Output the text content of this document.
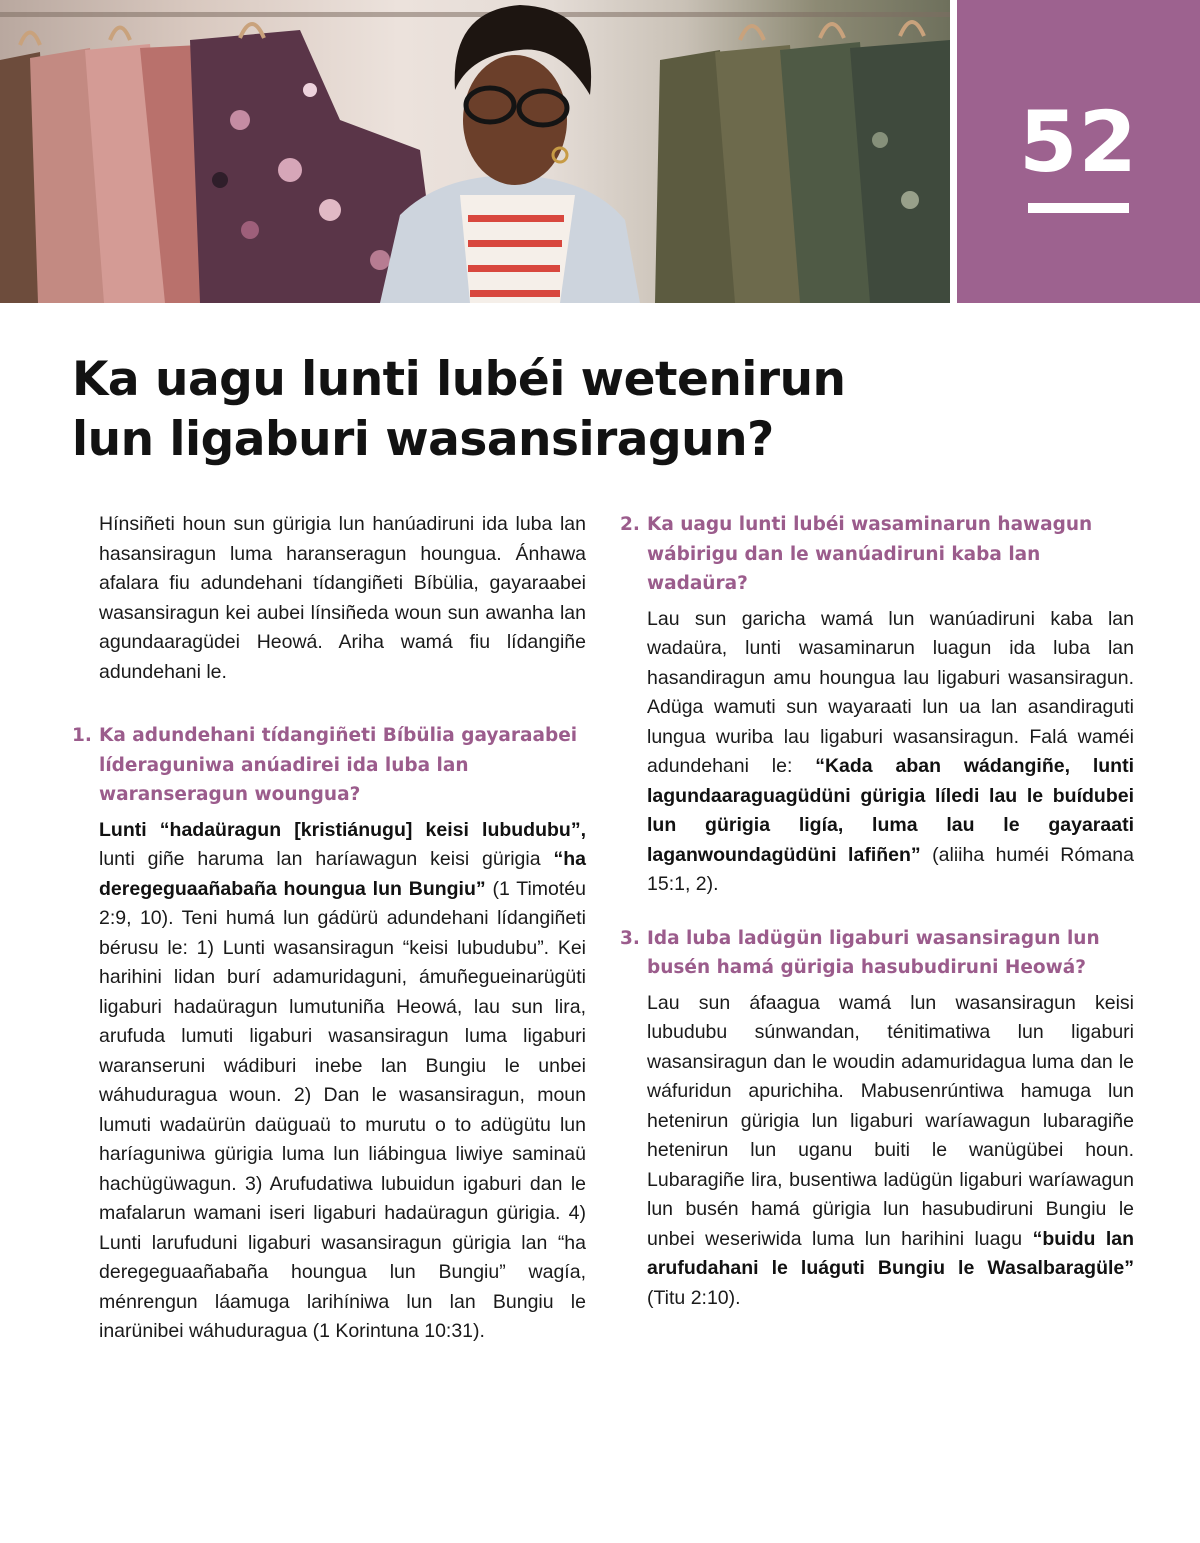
52
Ka uagu lunti lubéi wetenirun
lun ligaburi wasansiragun?

Hínsiñeti houn sun gürigia lun hanúadiruni ida luba lan hasansiragun luma haranseragun houngua. Ánhawa afalara fiu adundehani tídangiñeti Bíbülia, gayaraabei wasansiragun kei aubei línsiñeda woun sun awanha lan agundaaragüdei Heowá. Ariha wamá fiu lídangiñe adundehani le.

1. Ka adundehani tídangiñeti Bíbülia gayaraabei líderaguniwa anúadirei ida luba lan waranseragun woungua?

Lunti “hadaüragun [kristiánugu] keisi lubudubu”, lunti giñe haruma lan haríawagun keisi gürigia “ha deregeguaañabaña houngua lun Bungiu” (1 Timotéu 2:9, 10). Teni humá lun gádürü adundehani lídangiñeti bérusu le: 1) Lunti wasansiragun “keisi lubudubu”. Kei harihini lidan burí adamuridaguni, ámuñegueinarügüti ligaburi hadaüragun lumutuniña Heowá, lau sun lira, arufuda lumuti ligaburi wasansiragun luma ligaburi waranseruni wádiburi inebe lan Bungiu le unbei wáhuduragua woun. 2) Dan le wasansiragun, moun lumuti wadaürün daüguaü to murutu o to adügütu lun haríaguniwa gürigia luma lun liábingua liwiye saminaü hachügüwagun. 3) Arufudatiwa lubuidun igaburi dan le mafalarun wamani iseri ligaburi hadaüragun gürigia. 4) Lunti larufuduni ligaburi wasansiragun gürigia lan “ha deregeguaañabaña houngua lun Bungiu” wagía, ménrengun láamuga larihíniwa lun lan Bungiu le inarünibei wáhuduragua (1 Korintuna 10:31).

2. Ka uagu lunti lubéi wasaminarun hawagun wábirigu dan le wanúadiruni kaba lan wadaüra?

Lau sun garicha wamá lun wanúadiruni kaba lan wadaüra, lunti wasaminarun luagun ida luba lan hasandiragun amu houngua lau ligaburi wasansiragun. Adüga wamuti sun wayaraati lun ua lan asandiraguti lungua wuriba lau ligaburi wasansiragun. Falá waméi adundehani le: “Kada aban wádangiñe, lunti lagundaaraguagüdüni gürigia líledi lau le buídubei lun gürigia ligía, luma lau le gayaraati laganwoundagüdüni lafiñen” (aliiha huméi Rómana 15:1, 2).

3. Ida luba ladügün ligaburi wasansiragun lun busén hamá gürigia hasubudiruni Heowá?

Lau sun áfaagua wamá lun wasansiragun keisi lubudubu súnwandan, ténitimatiwa lun ligaburi wasansiragun dan le woudin adamuridagua luma dan le wáfuridun apurichiha. Mabusenrúntiwa hamuga lun hetenirun gürigia lun ligaburi waríawagun lubaragiñe hetenirun lun uganu buiti le wanügübei houn. Lubaragiñe lira, busentiwa ladügün ligaburi waríawagun lun busén hamá gürigia lun hasubudiruni Bungiu le unbei weseriwida luma lun harihini luagu “buidu lan arufudahani le luáguti Bungiu le Wasalbaragüle” (Titu 2:10).
